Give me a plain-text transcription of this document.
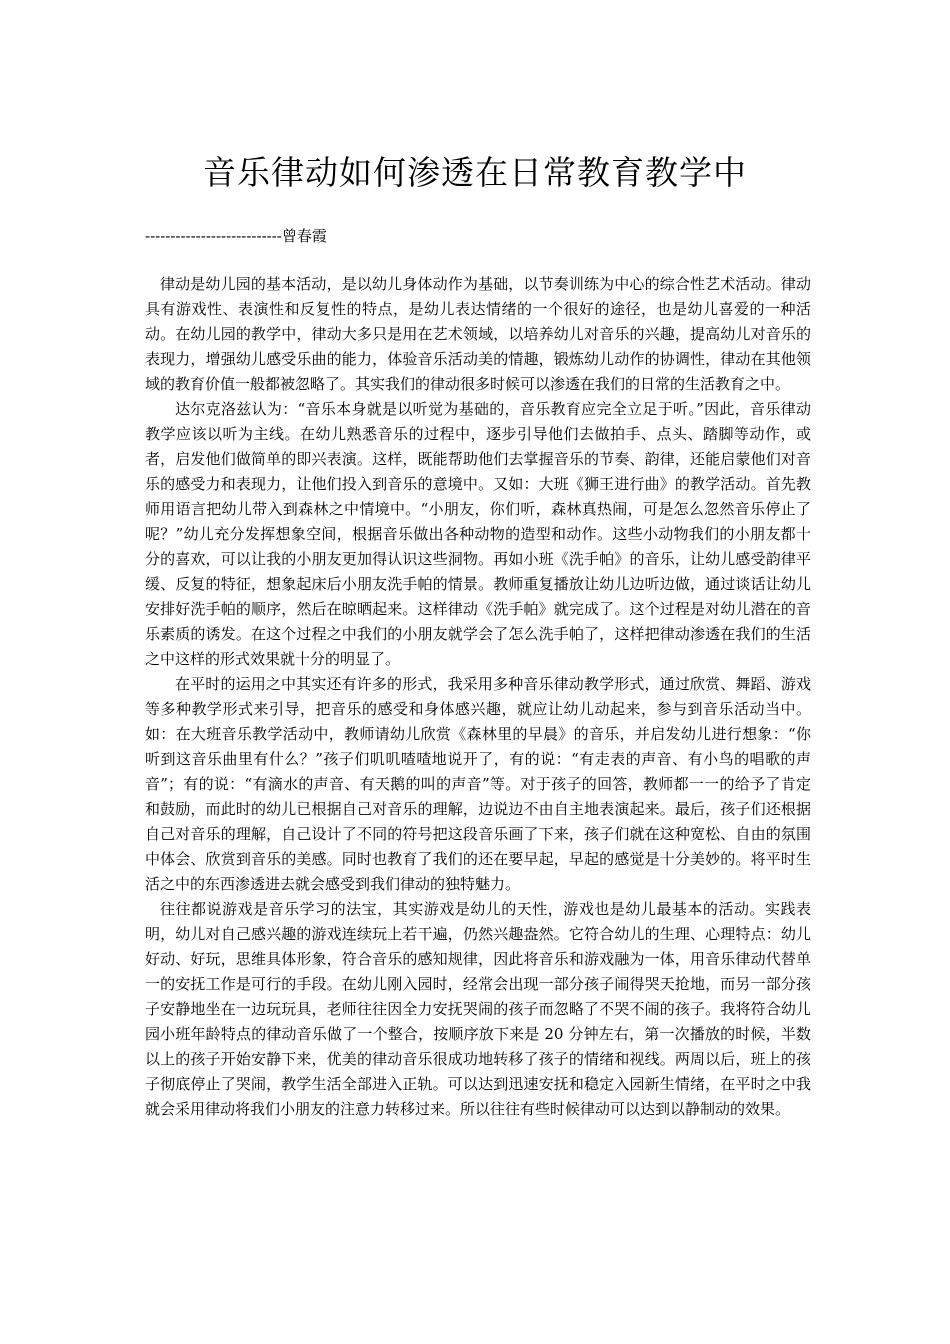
音乐律动如何渗透在日常教育教学中

---------------------------曾春霞

律动是幼儿园的基本活动，是以幼儿身体动作为基础，以节奏训练为中心的综合性艺术活动。律动具有游戏性、表演性和反复性的特点，是幼儿表达情绪的一个很好的途径，也是幼儿喜爱的一种活动。在幼儿园的教学中，律动大多只是用在艺术领域，以培养幼儿对音乐的兴趣，提高幼儿对音乐的表现力，增强幼儿感受乐曲的能力，体验音乐活动美的情趣，锻炼幼儿动作的协调性，律动在其他领域的教育价值一般都被忽略了。其实我们的律动很多时候可以渗透在我们的日常的生活教育之中。

达尔克洛兹认为：“音乐本身就是以听觉为基础的，音乐教育应完全立足于听。”因此，音乐律动教学应该以听为主线。在幼儿熟悉音乐的过程中，逐步引导他们去做拍手、点头、踏脚等动作，或者，启发他们做简单的即兴表演。这样，既能帮助他们去掌握音乐的节奏、韵律，还能启蒙他们对音乐的感受力和表现力，让他们投入到音乐的意境中。又如：大班《狮王进行曲》的教学活动。首先教师用语言把幼儿带入到森林之中情境中。“小朋友，你们听，森林真热闹，可是怎么忽然音乐停止了呢？”幼儿充分发挥想象空间，根据音乐做出各种动物的造型和动作。这些小动物我们的小朋友都十分的喜欢，可以让我的小朋友更加得认识这些洞物。再如小班《洗手帕》的音乐，让幼儿感受韵律平缓、反复的特征，想象起床后小朋友洗手帕的情景。教师重复播放让幼儿边听边做，通过谈话让幼儿安排好洗手帕的顺序，然后在晾晒起来。这样律动《洗手帕》就完成了。这个过程是对幼儿潜在的音乐素质的诱发。在这个过程之中我们的小朋友就学会了怎么洗手帕了，这样把律动渗透在我们的生活之中这样的形式效果就十分的明显了。

在平时的运用之中其实还有许多的形式，我采用多种音乐律动教学形式，通过欣赏、舞蹈、游戏等多种教学形式来引导，把音乐的感受和身体感兴趣，就应让幼儿动起来，参与到音乐活动当中。如：在大班音乐教学活动中，教师请幼儿欣赏《森林里的早晨》的音乐，并启发幼儿进行想象：“你听到这音乐曲里有什么？”孩子们叽叽喳喳地说开了，有的说：“有走表的声音、有小鸟的唱歌的声音”；有的说：“有滴水的声音、有天鹅的叫的声音”等。对于孩子的回答，教师都一一的给予了肯定和鼓励，而此时的幼儿已根据自己对音乐的理解，边说边不由自主地表演起来。最后，孩子们还根据自己对音乐的理解，自己设计了不同的符号把这段音乐画了下来，孩子们就在这种宽松、自由的氛围中体会、欣赏到音乐的美感。同时也教育了我们的还在要早起，早起的感觉是十分美妙的。将平时生活之中的东西渗透进去就会感受到我们律动的独特魅力。

往往都说游戏是音乐学习的法宝，其实游戏是幼儿的天性，游戏也是幼儿最基本的活动。实践表明，幼儿对自己感兴趣的游戏连续玩上若干遍，仍然兴趣盎然。它符合幼儿的生理、心理特点：幼儿好动、好玩，思维具体形象，符合音乐的感知规律，因此将音乐和游戏融为一体，用音乐律动代替单一的安抚工作是可行的手段。在幼儿刚入园时，经常会出现一部分孩子闹得哭天抢地，而另一部分孩子安静地坐在一边玩玩具，老师往往因全力安抚哭闹的孩子而忽略了不哭不闹的孩子。我将符合幼儿园小班年龄特点的律动音乐做了一个整合，按顺序放下来是 20 分钟左右，第一次播放的时候，半数以上的孩子开始安静下来，优美的律动音乐很成功地转移了孩子的情绪和视线。两周以后，班上的孩子彻底停止了哭闹，教学生活全部进入正轨。可以达到迅速安抚和稳定入园新生情绪，在平时之中我就会采用律动将我们小朋友的注意力转移过来。所以往往有些时候律动可以达到以静制动的效果。
